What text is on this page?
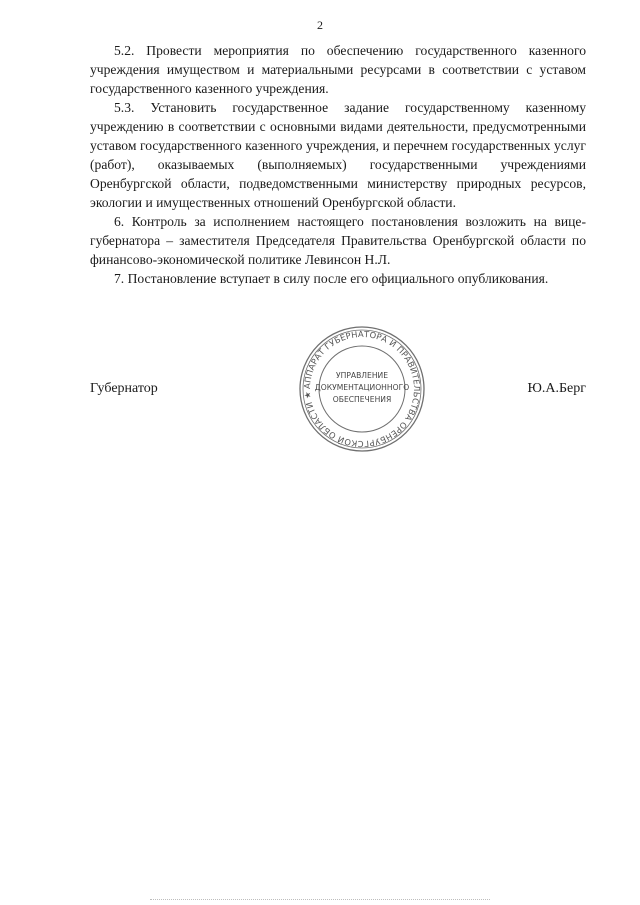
2

5.2. Провести мероприятия по обеспечению государственного казенного учреждения имуществом и материальными ресурсами в соответствии с уставом государственного казенного учреждения.

5.3. Установить государственное задание государственному казенному учреждению в соответствии с основными видами деятельности, предусмотренными уставом государственного казенного учреждения, и перечнем государственных услуг (работ), оказываемых (выполняемых) государственными учреждениями Оренбургской области, подведомственными министерству природных ресурсов, экологии и имущественных отношений Оренбургской области.

6. Контроль за исполнением настоящего постановления возложить на вице-губернатора – заместителя Председателя Правительства Оренбургской области по финансово-экономической политике Левинсон Н.Л.

7. Постановление вступает в силу после его официального опубликования.

Губернатор	Ю.А.Берг
АППАРАТ ГУБЕРНАТОРА И ПРАВИТЕЛЬСТВА ОРЕНБУРГСКОЙ ОБЛАСТИ ★
УПРАВЛЕНИЕ
ДОКУМЕНТАЦИОННОГО
ОБЕСПЕЧЕНИЯ
